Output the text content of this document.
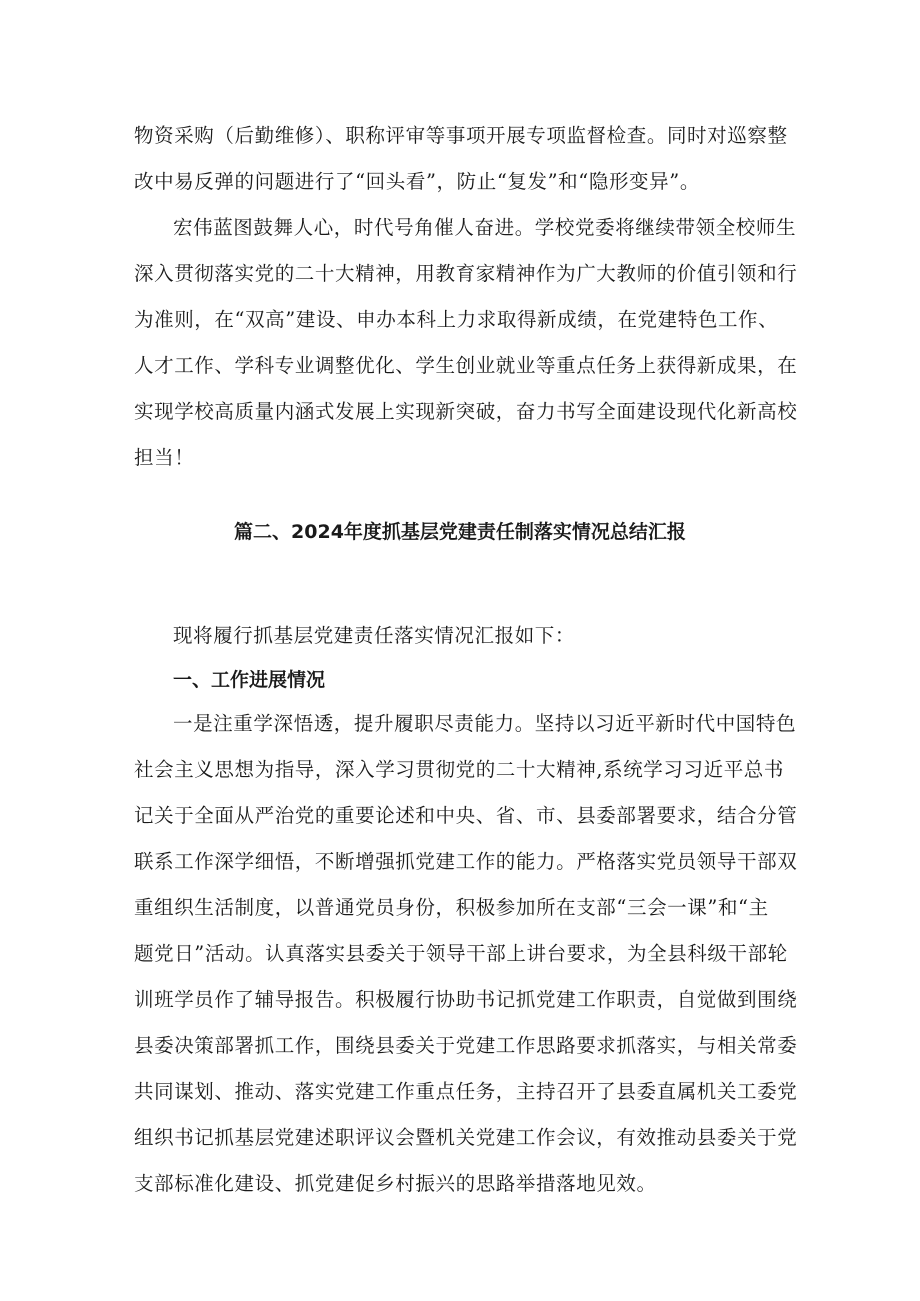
物资采购（后勤维修）、职称评审等事项开展专项监督检查。同时对巡察整
改中易反弹的问题进行了“回头看”，防止“复发”和“隐形变异”。
宏伟蓝图鼓舞人心，时代号角催人奋进。学校党委将继续带领全校师生
深入贯彻落实党的二十大精神，用教育家精神作为广大教师的价值引领和行
为准则，在“双高”建设、申办本科上力求取得新成绩，在党建特色工作、
人才工作、学科专业调整优化、学生创业就业等重点任务上获得新成果，在
实现学校高质量内涵式发展上实现新突破，奋力书写全面建设现代化新高校
担当！
篇二、2024年度抓基层党建责任制落实情况总结汇报
现将履行抓基层党建责任落实情况汇报如下：
一、工作进展情况
一是注重学深悟透，提升履职尽责能力。坚持以习近平新时代中国特色
社会主义思想为指导，深入学习贯彻党的二十大精神,系统学习习近平总书
记关于全面从严治党的重要论述和中央、省、市、县委部署要求，结合分管
联系工作深学细悟，不断增强抓党建工作的能力。严格落实党员领导干部双
重组织生活制度，以普通党员身份，积极参加所在支部“三会一课”和“主
题党日”活动。认真落实县委关于领导干部上讲台要求，为全县科级干部轮
训班学员作了辅导报告。积极履行协助书记抓党建工作职责，自觉做到围绕
县委决策部署抓工作，围绕县委关于党建工作思路要求抓落实，与相关常委
共同谋划、推动、落实党建工作重点任务，主持召开了县委直属机关工委党
组织书记抓基层党建述职评议会暨机关党建工作会议，有效推动县委关于党
支部标准化建设、抓党建促乡村振兴的思路举措落地见效。
